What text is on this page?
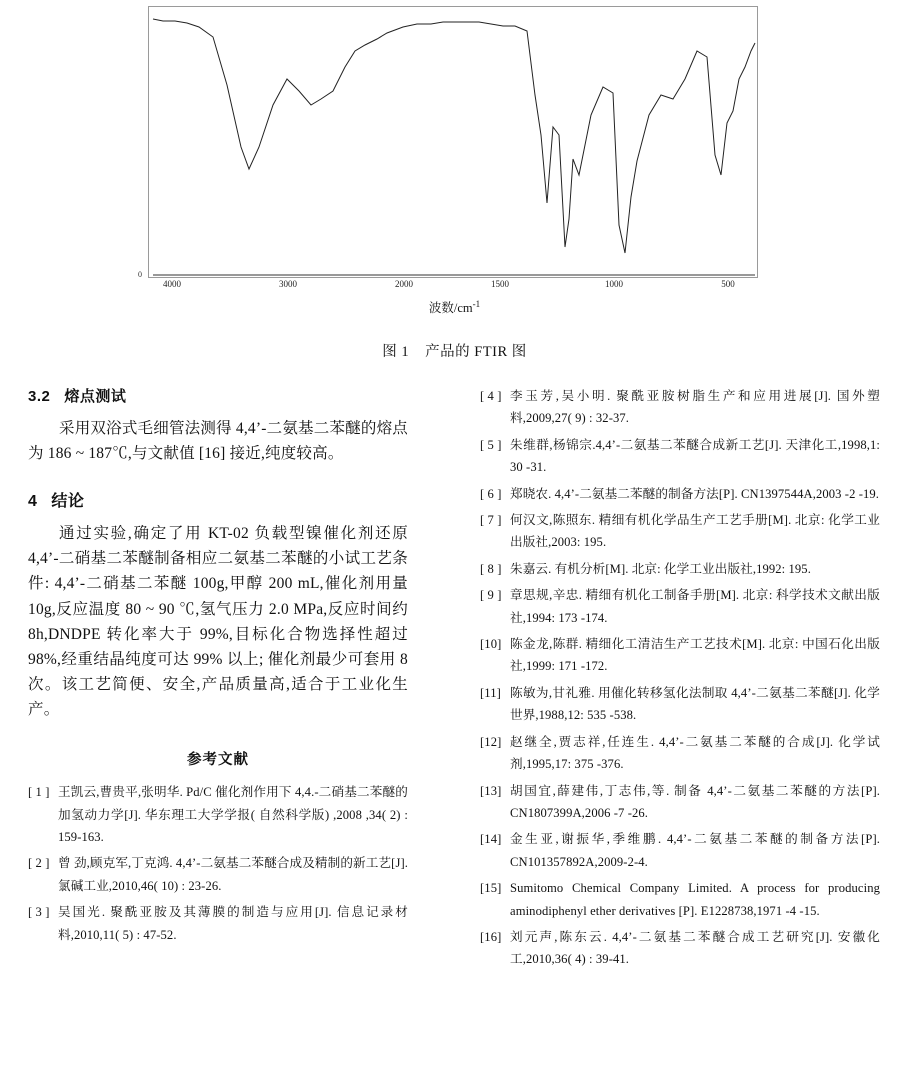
0
4000	3000	2000	1500	1000	500
波数$/cm^{-1}$
图 1 产品的 FTIR 图
3.2 熔点测试

采用双浴式毛细管法测得 4,4’-二氨基二苯醚的熔点为 186 ~ 187℃,与文献值 [16] 接近,纯度较高。

4 结论

通过实验,确定了用 KT-02 负载型镍催化剂还原 4,4’-二硝基二苯醚制备相应二氨基二苯醚的小试工艺条件: 4,4’-二硝基二苯醚 100g,甲醇 200 mL,催化剂用量 10g,反应温度 80 ~ 90 ℃,氢气压力 2.0 MPa,反应时间约 8h,DNDPE 转化率大于 99%,目标化合物选择性超过 98%,经重结晶纯度可达 99% 以上; 催化剂最少可套用 8 次。该工艺简便、安全,产品质量高,适合于工业化生产。

参考文献
[ 1 ] 王凯云,曹贵平,张明华. Pd/C 催化剂作用下 4,4.-二硝基二苯醚的加氢动力学[J]. 华东理工大学学报( 自然科学版) ,2008 ,34( 2) : 159-163.
[ 2 ] 曾 劲,顾克军,丁克鸿. 4,4’-二氨基二苯醚合成及精制的新工艺[J]. 氯碱工业,2010,46( 10) : 23-26.
[ 3 ] 吴国光. 聚酰亚胺及其薄膜的制造与应用[J]. 信息记录材料,2010,11( 5) : 47-52.
[ 4 ] 李玉芳,吴小明. 聚酰亚胺树脂生产和应用进展[J]. 国外塑料,2009,27( 9) : 32-37.
[ 5 ] 朱维群,杨锦宗.4,4’-二氨基二苯醚合成新工艺[J]. 天津化工,1998,1: 30 -31.
[ 6 ] 郑晓农. 4,4’-二氨基二苯醚的制备方法[P]. CN1397544A,2003 -2 -19.
[ 7 ] 何汉文,陈照东. 精细有机化学品生产工艺手册[M]. 北京: 化学工业出版社,2003: 195.
[ 8 ] 朱嘉云. 有机分析[M]. 北京: 化学工业出版社,1992: 195.
[ 9 ] 章思规,辛忠. 精细有机化工制备手册[M]. 北京: 科学技术文献出版社,1994: 173 -174.
[10] 陈金龙,陈群. 精细化工清洁生产工艺技术[M]. 北京: 中国石化出版社,1999: 171 -172.
[11] 陈敏为,甘礼雅. 用催化转移氢化法制取 4,4’-二氨基二苯醚[J]. 化学世界,1988,12: 535 -538.
[12] 赵继全,贾志祥,任连生. 4,4’-二氨基二苯醚的合成[J]. 化学试剂,1995,17: 375 -376.
[13] 胡国宜,薛建伟,丁志伟,等. 制备 4,4’-二氨基二苯醚的方法[P]. CN1807399A,2006 -7 -26.
[14] 金生亚,谢振华,季维鹏. 4,4’-二氨基二苯醚的制备方法[P]. CN101357892A,2009-2-4.
[15] Sumitomo Chemical Company Limited. A process for producing aminodiphenyl ether derivatives [P]. E1228738,1971 -4 -15.
[16] 刘元声,陈东云. 4,4’-二氨基二苯醚合成工艺研究[J]. 安徽化工,2010,36( 4) : 39-41.
